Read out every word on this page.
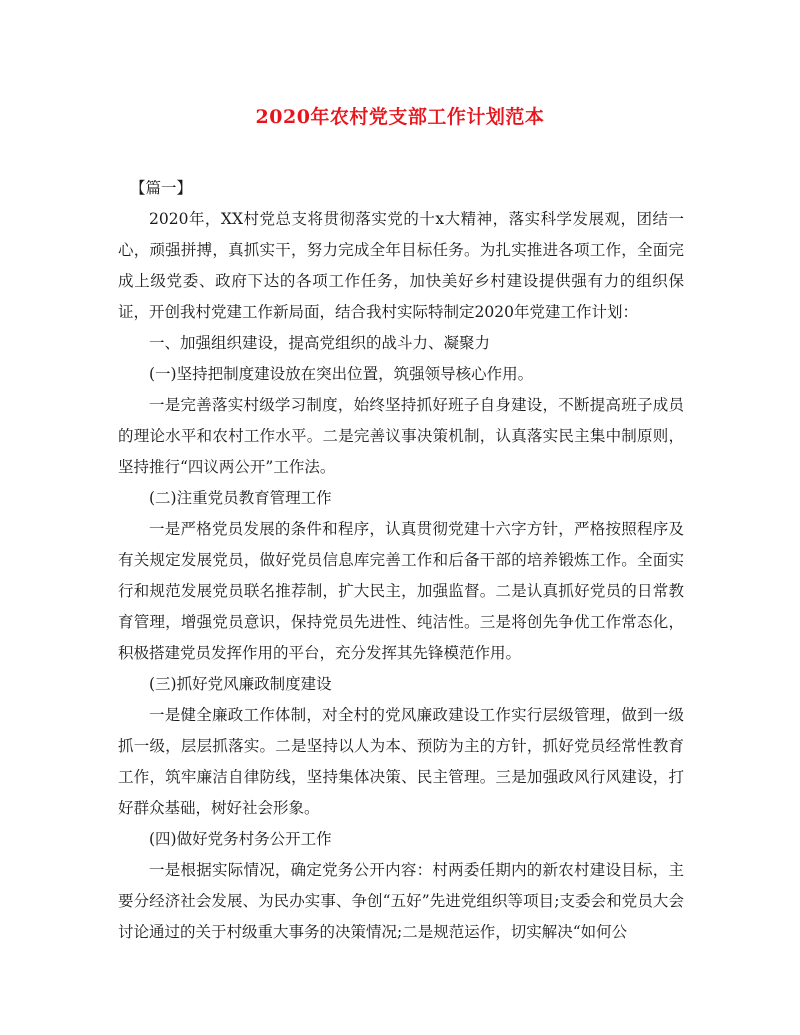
2020年农村党支部工作计划范本

【篇一】

2020年，XX村党总支将贯彻落实党的十x大精神，落实科学发展观，团结一心，顽强拼搏，真抓实干，努力完成全年目标任务。为扎实推进各项工作，全面完成上级党委、政府下达的各项工作任务，加快美好乡村建设提供强有力的组织保证，开创我村党建工作新局面，结合我村实际特制定2020年党建工作计划：

一、加强组织建设，提高党组织的战斗力、凝聚力

(一)坚持把制度建设放在突出位置，筑强领导核心作用。

一是完善落实村级学习制度，始终坚持抓好班子自身建设，不断提高班子成员的理论水平和农村工作水平。二是完善议事决策机制，认真落实民主集中制原则，坚持推行“四议两公开”工作法。

(二)注重党员教育管理工作

一是严格党员发展的条件和程序，认真贯彻党建十六字方针，严格按照程序及有关规定发展党员，做好党员信息库完善工作和后备干部的培养锻炼工作。全面实行和规范发展党员联名推荐制，扩大民主，加强监督。二是认真抓好党员的日常教育管理，增强党员意识，保持党员先进性、纯洁性。三是将创先争优工作常态化，积极搭建党员发挥作用的平台，充分发挥其先锋模范作用。

(三)抓好党风廉政制度建设

一是健全廉政工作体制，对全村的党风廉政建设工作实行层级管理，做到一级抓一级，层层抓落实。二是坚持以人为本、预防为主的方针，抓好党员经常性教育工作，筑牢廉洁自律防线，坚持集体决策、民主管理。三是加强政风行风建设，打好群众基础，树好社会形象。

(四)做好党务村务公开工作

一是根据实际情况，确定党务公开内容：村两委任期内的新农村建设目标，主要分经济社会发展、为民办实事、争创“五好”先进党组织等项目;支委会和党员大会讨论通过的关于村级重大事务的决策情况;二是规范运作，切实解决“如何公
